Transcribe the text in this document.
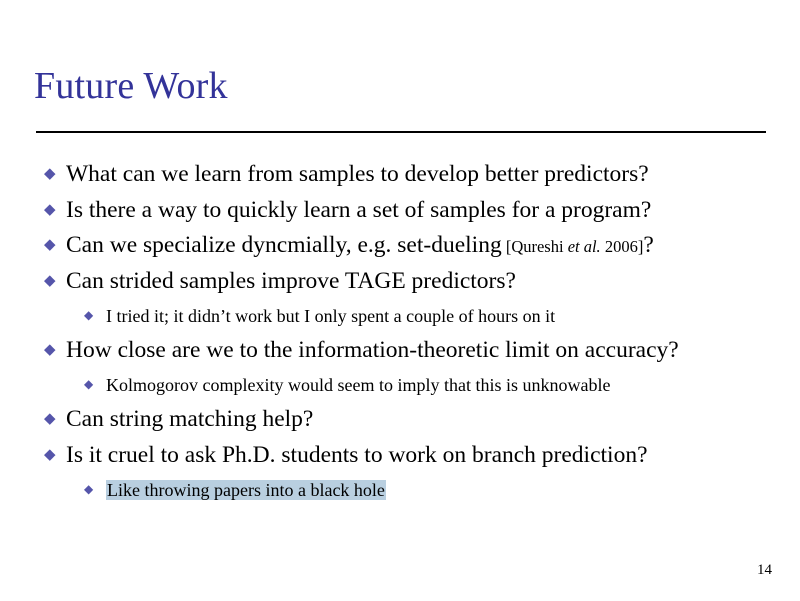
Future Work
◆ What can we learn from samples to develop better predictors?
◆ Is there a way to quickly learn a set of samples for a program?
◆ Can we specialize dyncmially, e.g. set-dueling [Qureshi et al. 2006]?
◆ Can strided samples improve TAGE predictors?
◆ I tried it; it didn’t work but I only spent a couple of hours on it
◆ How close are we to the information-theoretic limit on accuracy?
◆ Kolmogorov complexity would seem to imply that this is unknowable
◆ Can string matching help?
◆ Is it cruel to ask Ph.D. students to work on branch prediction?
◆ Like throwing papers into a black hole
14
